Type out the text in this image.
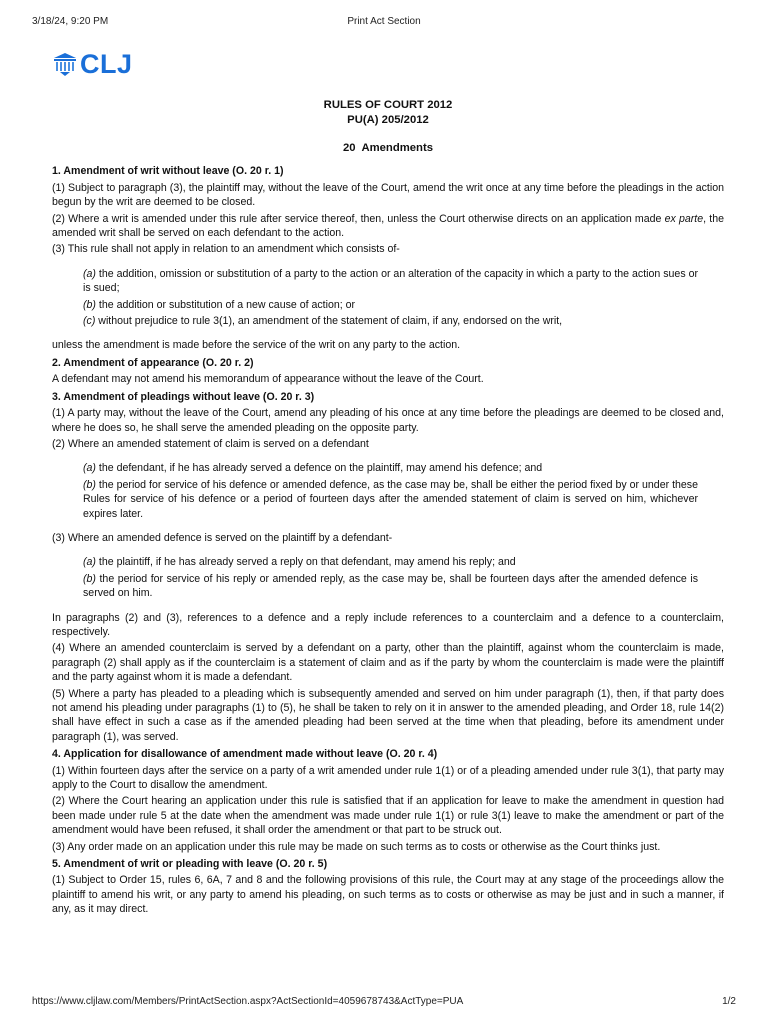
3/18/24, 9:20 PM	Print Act Section
CLJ
RULES OF COURT 2012
PU(A) 205/2012
20 Amendments
1. Amendment of writ without leave (O. 20 r. 1)

(1) Subject to paragraph (3), the plaintiff may, without the leave of the Court, amend the writ once at any time before the pleadings in the action begun by the writ are deemed to be closed.

(2) Where a writ is amended under this rule after service thereof, then, unless the Court otherwise directs on an application made ex parte, the amended writ shall be served on each defendant to the action.

(3) This rule shall not apply in relation to an amendment which consists of-

(a) the addition, omission or substitution of a party to the action or an alteration of the capacity in which a party to the action sues or is sued;

(b) the addition or substitution of a new cause of action; or

(c) without prejudice to rule 3(1), an amendment of the statement of claim, if any, endorsed on the writ,

unless the amendment is made before the service of the writ on any party to the action.

2. Amendment of appearance (O. 20 r. 2)

A defendant may not amend his memorandum of appearance without the leave of the Court.

3. Amendment of pleadings without leave (O. 20 r. 3)

(1) A party may, without the leave of the Court, amend any pleading of his once at any time before the pleadings are deemed to be closed and, where he does so, he shall serve the amended pleading on the opposite party.

(2) Where an amended statement of claim is served on a defendant

(a) the defendant, if he has already served a defence on the plaintiff, may amend his defence; and

(b) the period for service of his defence or amended defence, as the case may be, shall be either the period fixed by or under these Rules for service of his defence or a period of fourteen days after the amended statement of claim is served on him, whichever expires later.

(3) Where an amended defence is served on the plaintiff by a defendant-

(a) the plaintiff, if he has already served a reply on that defendant, may amend his reply; and

(b) the period for service of his reply or amended reply, as the case may be, shall be fourteen days after the amended defence is served on him.

In paragraphs (2) and (3), references to a defence and a reply include references to a counterclaim and a defence to a counterclaim, respectively.

(4) Where an amended counterclaim is served by a defendant on a party, other than the plaintiff, against whom the counterclaim is made, paragraph (2) shall apply as if the counterclaim is a statement of claim and as if the party by whom the counterclaim is made were the plaintiff and the party against whom it is made a defendant.

(5) Where a party has pleaded to a pleading which is subsequently amended and served on him under paragraph (1), then, if that party does not amend his pleading under paragraphs (1) to (5), he shall be taken to rely on it in answer to the amended pleading, and Order 18, rule 14(2) shall have effect in such a case as if the amended pleading had been served at the time when that pleading, before its amendment under paragraph (1), was served.

4. Application for disallowance of amendment made without leave (O. 20 r. 4)

(1) Within fourteen days after the service on a party of a writ amended under rule 1(1) or of a pleading amended under rule 3(1), that party may apply to the Court to disallow the amendment.

(2) Where the Court hearing an application under this rule is satisfied that if an application for leave to make the amendment in question had been made under rule 5 at the date when the amendment was made under rule 1(1) or rule 3(1) leave to make the amendment or part of the amendment would have been refused, it shall order the amendment or that part to be struck out.

(3) Any order made on an application under this rule may be made on such terms as to costs or otherwise as the Court thinks just.

5. Amendment of writ or pleading with leave (O. 20 r. 5)

(1) Subject to Order 15, rules 6, 6A, 7 and 8 and the following provisions of this rule, the Court may at any stage of the proceedings allow the plaintiff to amend his writ, or any party to amend his pleading, on such terms as to costs or otherwise as may be just and in such a manner, if any, as it may direct.

https://www.cljlaw.com/Members/PrintActSection.aspx?ActSectionId=4059678743&ActType=PUA	1/2
